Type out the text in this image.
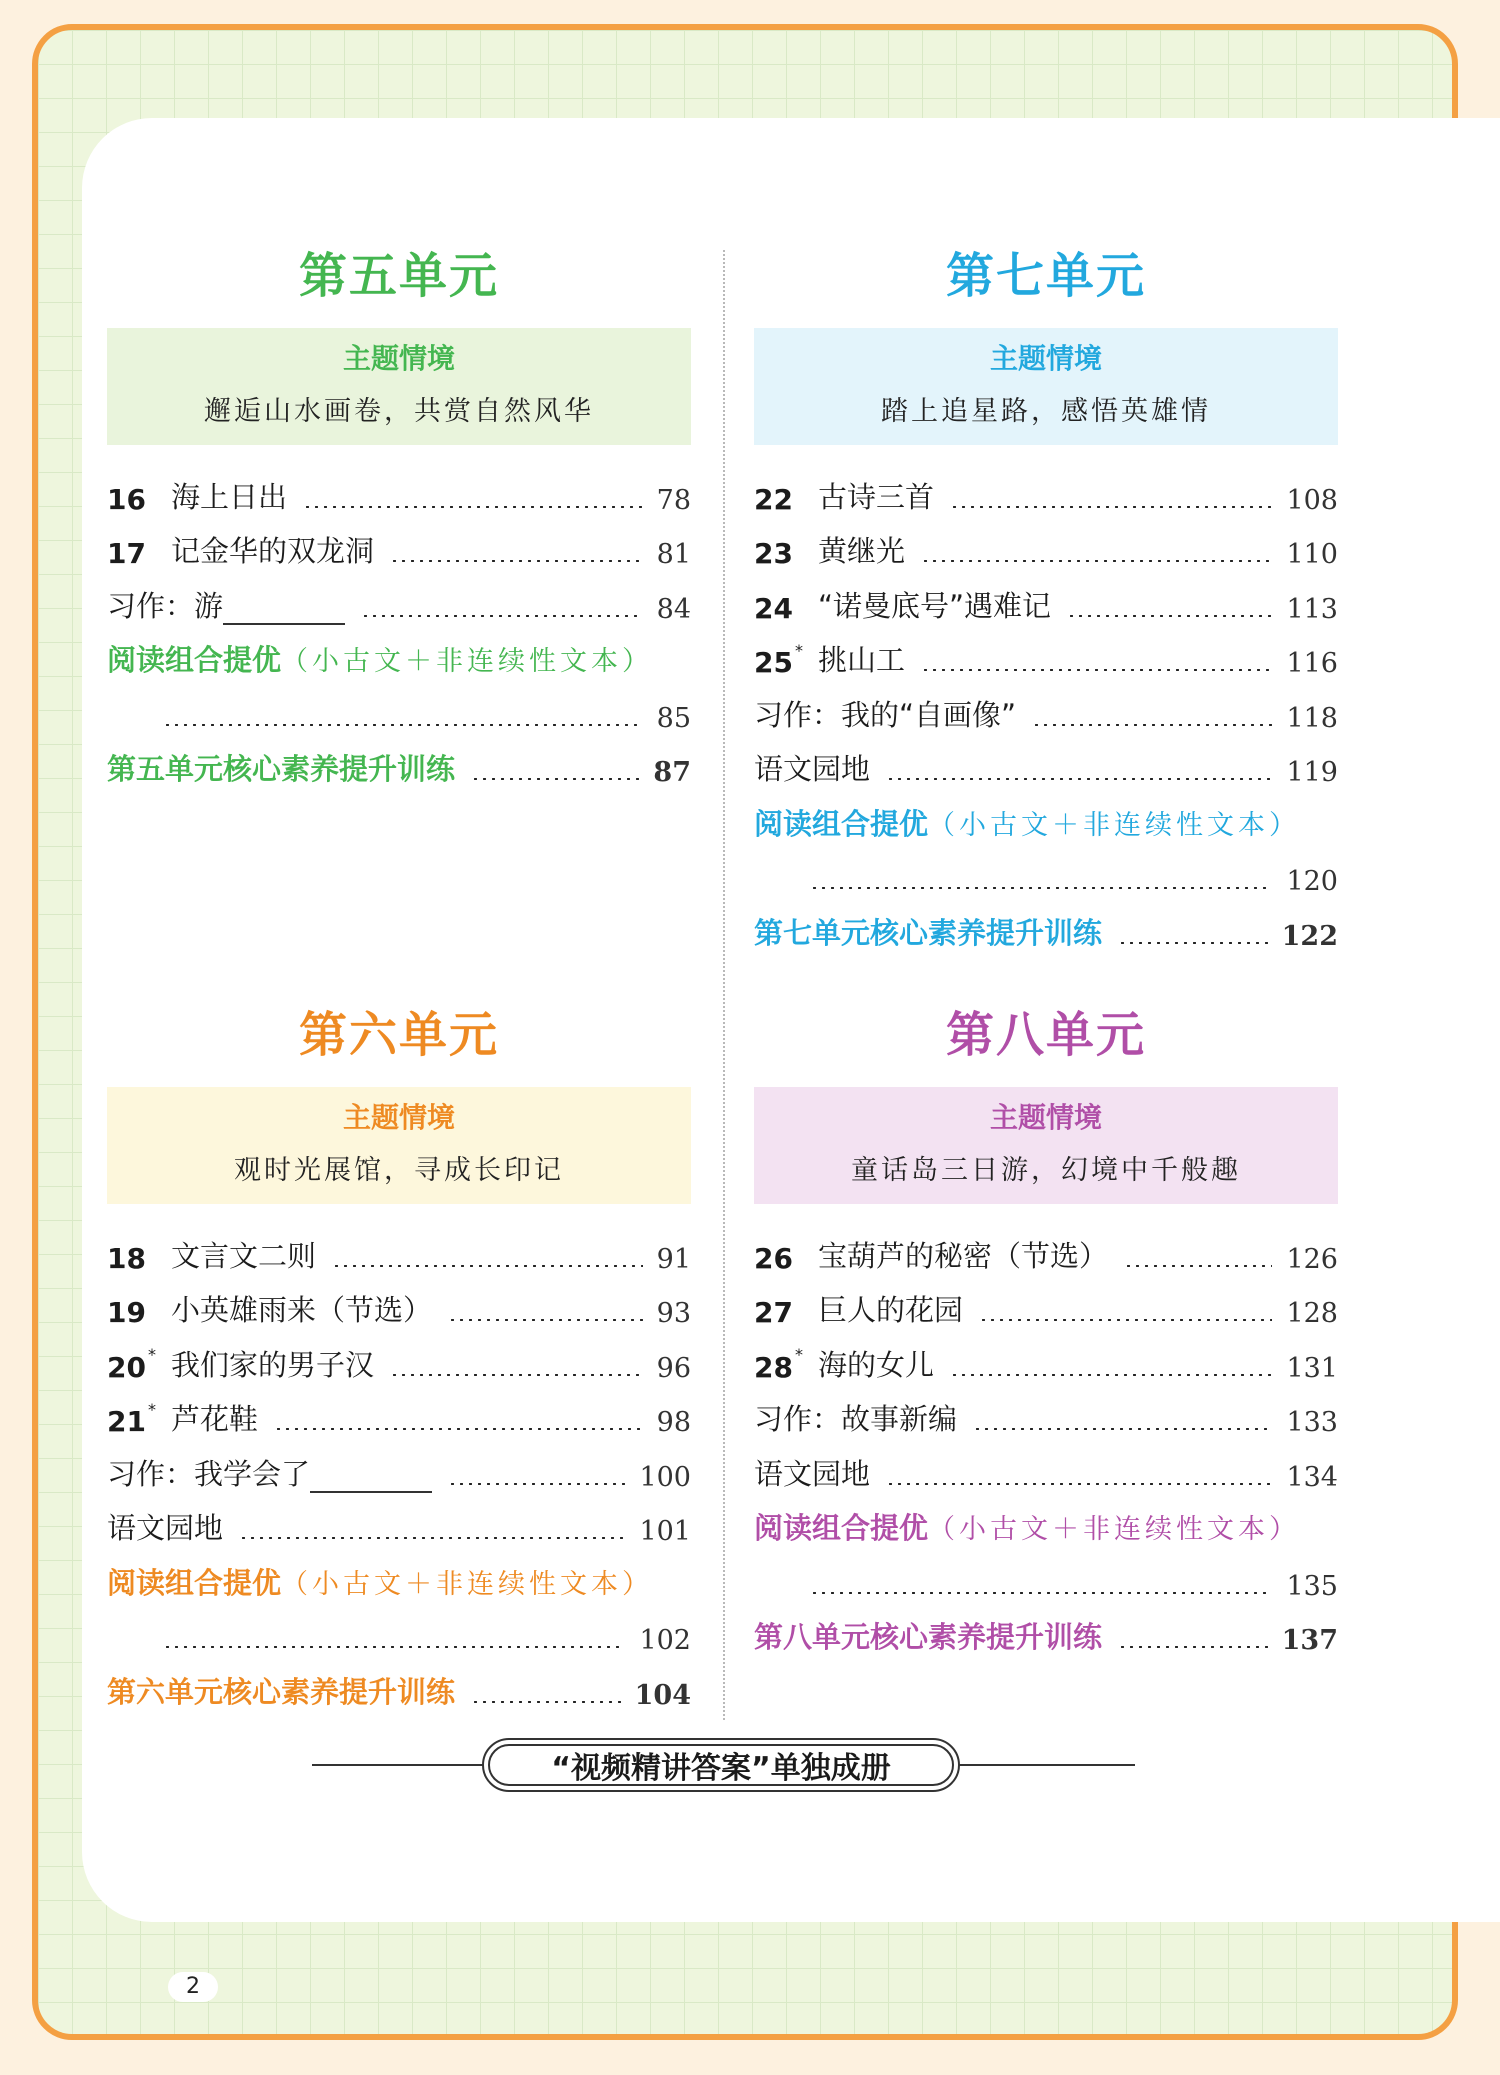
第五单元
主题情境
邂逅山水画卷，共赏自然风华
16 海上日出	78
17 记金华的双龙洞	81
习作：游	84
阅读组合提优（小古文＋非连续性文本）
85
第五单元核心素养提升训练	87
第六单元
主题情境
观时光展馆，寻成长印记
18 文言文二则	91
19 小英雄雨来（节选）	93
20 * 我们家的男子汉	96
21 * 芦花鞋	98
习作：我学会了	100
语文园地	101
阅读组合提优（小古文＋非连续性文本）
102
第六单元核心素养提升训练	104
第七单元
主题情境
踏上追星路，感悟英雄情
22 古诗三首	108
23 黄继光	110
24 “诺曼底号”遇难记	113
25 * 挑山工	116
习作：我的“自画像”	118
语文园地	119
阅读组合提优（小古文＋非连续性文本）
120
第七单元核心素养提升训练	122
第八单元
主题情境
童话岛三日游，幻境中千般趣
26 宝葫芦的秘密（节选）	126
27 巨人的花园	128
28 * 海的女儿	131
习作：故事新编	133
语文园地	134
阅读组合提优（小古文＋非连续性文本）
135
第八单元核心素养提升训练	137
“视频精讲答案”单独成册
2
